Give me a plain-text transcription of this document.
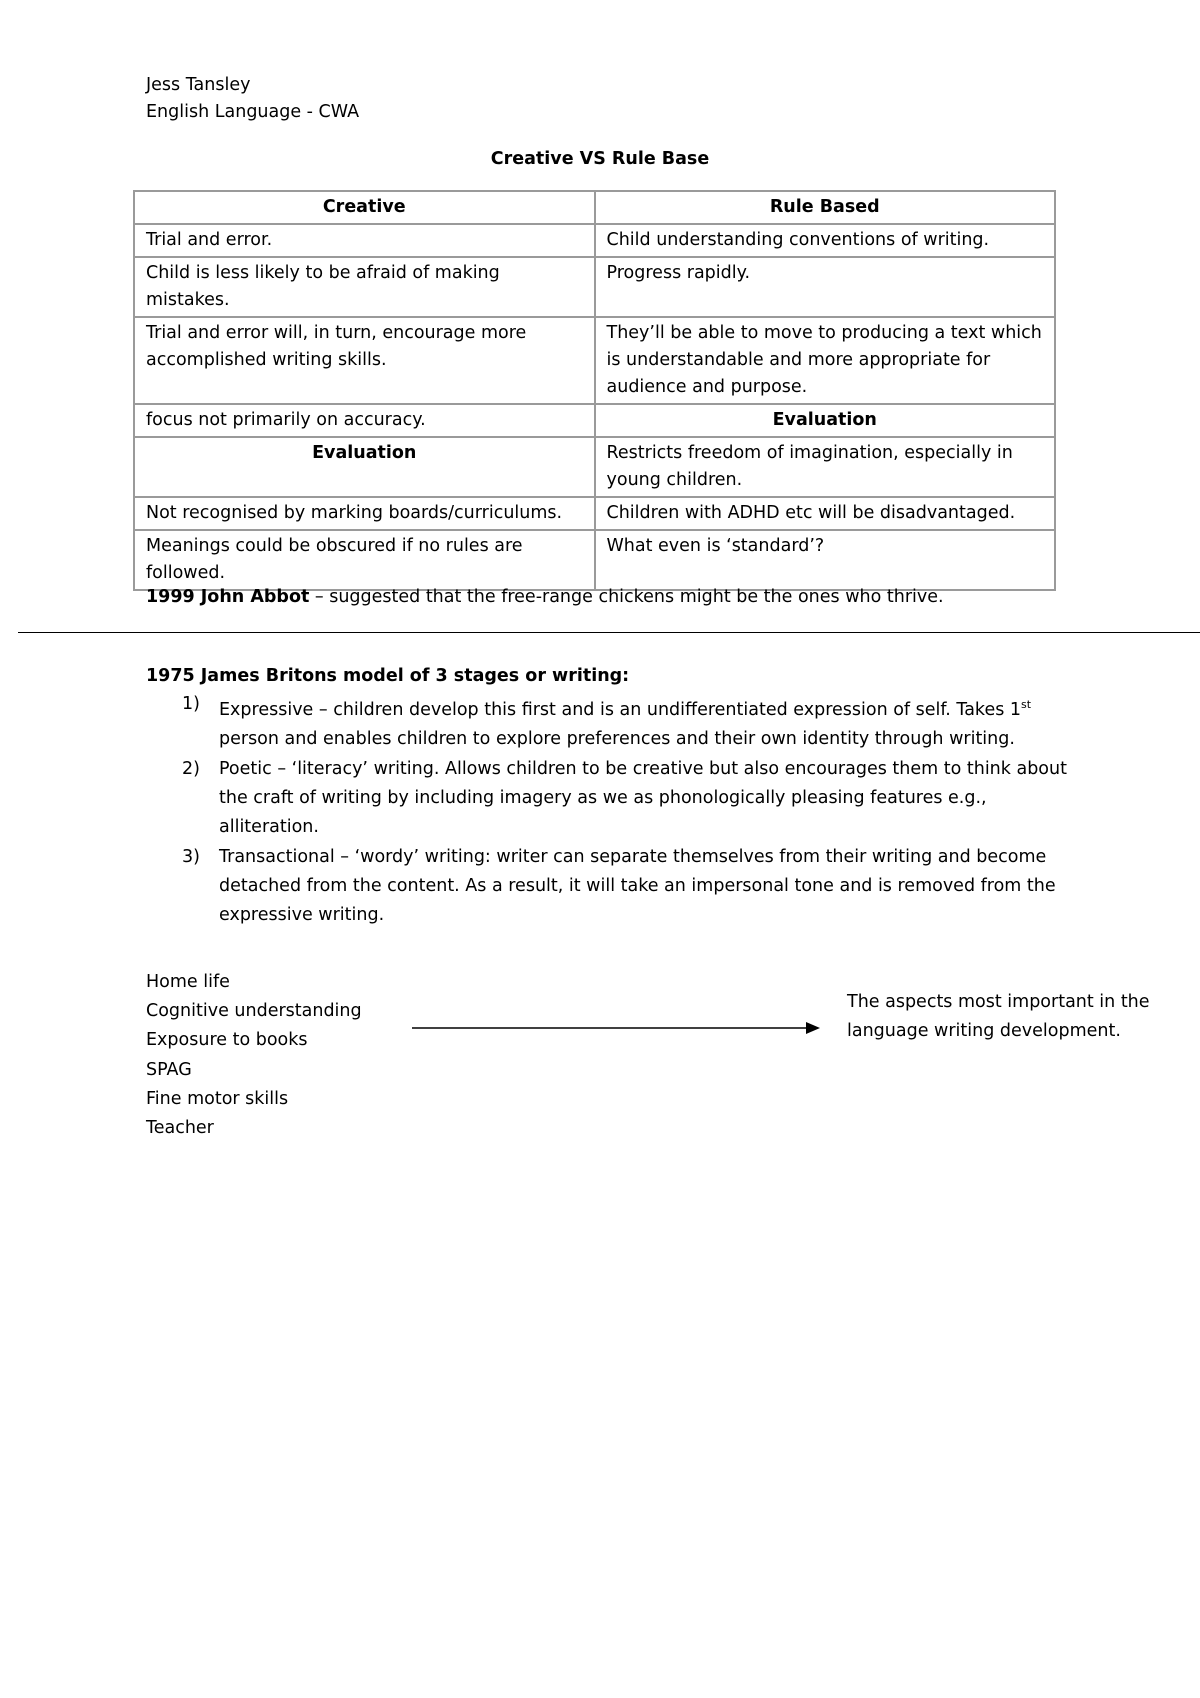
Jess Tansley
English Language - CWA
Creative VS Rule Base
Creative	Rule Based
Trial and error.	Child understanding conventions of writing.
Child is less likely to be afraid of making mistakes.	Progress rapidly.
Trial and error will, in turn, encourage more accomplished writing skills.	They’ll be able to move to producing a text which is understandable and more appropriate for audience and purpose.
focus not primarily on accuracy.	Evaluation
Evaluation	Restricts freedom of imagination, especially in young children.
Not recognised by marking boards/curriculums.	Children with ADHD etc will be disadvantaged.
Meanings could be obscured if no rules are followed.	What even is ‘standard’?
1999 John Abbot – suggested that the free-range chickens might be the ones who thrive.
1975 James Britons model of 3 stages or writing:
1) Expressive – children develop this first and is an undifferentiated expression of self. Takes 1st person and enables children to explore preferences and their own identity through writing.
2) Poetic – ‘literacy’ writing. Allows children to be creative but also encourages them to think about the craft of writing by including imagery as we as phonologically pleasing features e.g., alliteration.
3) Transactional – ‘wordy’ writing: writer can separate themselves from their writing and become detached from the content. As a result, it will take an impersonal tone and is removed from the expressive writing.
Home life
Cognitive understanding
Exposure to books
SPAG
Fine motor skills
Teacher
The aspects most important in the language writing development.
